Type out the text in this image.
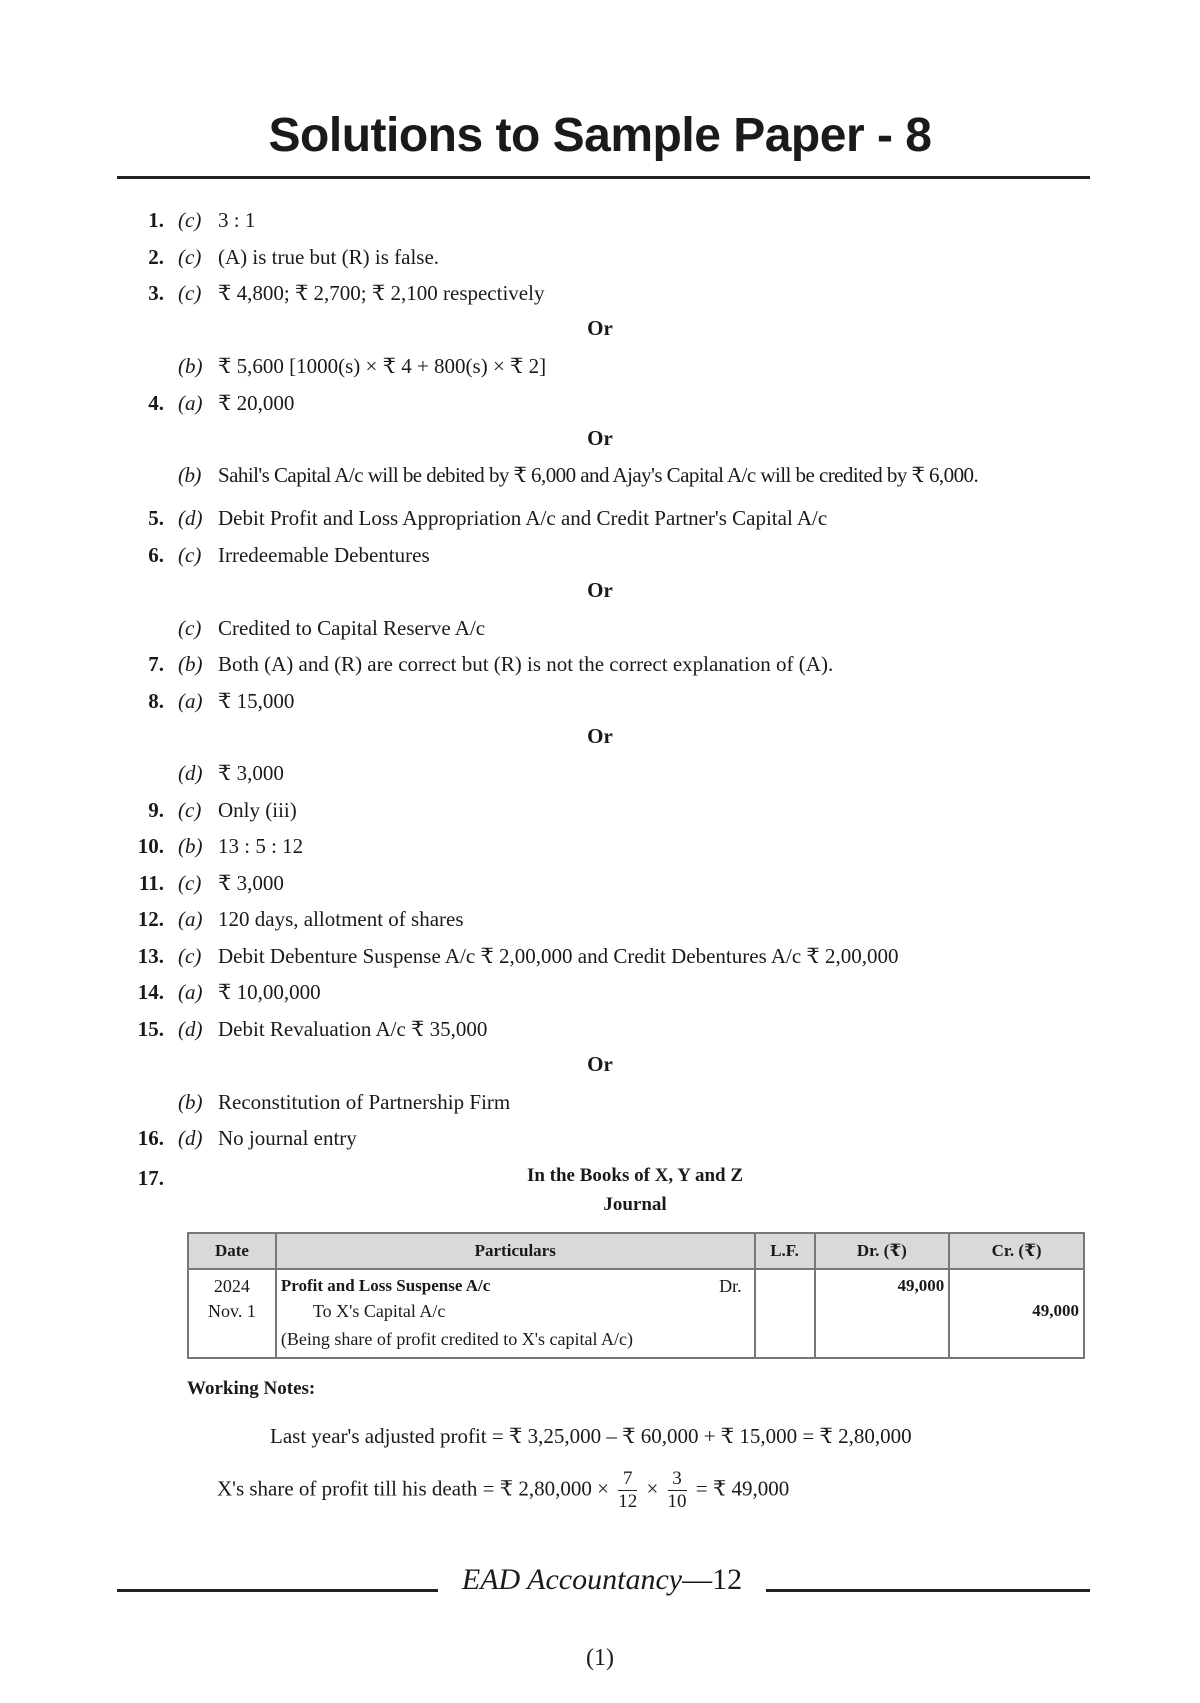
Solutions to Sample Paper - 8
1. (c) 3 : 1
2. (c) (A) is true but (R) is false.
3. (c) ₹ 4,800; ₹ 2,700; ₹ 2,100 respectively
Or
(b) ₹ 5,600 [1000(s) × ₹ 4 + 800(s) × ₹ 2]
4. (a) ₹ 20,000
Or
(b) Sahil's Capital A/c will be debited by ₹ 6,000 and Ajay's Capital A/c will be credited by ₹ 6,000.
5. (d) Debit Profit and Loss Appropriation A/c and Credit Partner's Capital A/c
6. (c) Irredeemable Debentures
Or
(c) Credited to Capital Reserve A/c
7. (b) Both (A) and (R) are correct but (R) is not the correct explanation of (A).
8. (a) ₹ 15,000
Or
(d) ₹ 3,000
9. (c) Only (iii)
10. (b) 13 : 5 : 12
11. (c) ₹ 3,000
12. (a) 120 days, allotment of shares
13. (c) Debit Debenture Suspense A/c ₹ 2,00,000 and Credit Debentures A/c ₹ 2,00,000
14. (a) ₹ 10,00,000
15. (d) Debit Revaluation A/c ₹ 35,000
Or
(b) Reconstitution of Partnership Firm
16. (d) No journal entry
17.	In the Books of X, Y and Z
Journal
Date	Particulars	L.F.	Dr. (₹)	Cr. (₹)
2024	Profit and Loss Suspense A/c Dr.		49,000	
Nov. 1	To X's Capital A/c			49,000
	(Being share of profit credited to X's capital A/c)			
Working Notes:
Last year's adjusted profit = ₹ 3,25,000 – ₹ 60,000 + ₹ 15,000 = ₹ 2,80,000
X's share of profit till his death = ₹ $2,80,000 \times \frac{7}{12} \times \frac{3}{10}$ = ₹ 49,000
EAD Accountancy—12
(1)
